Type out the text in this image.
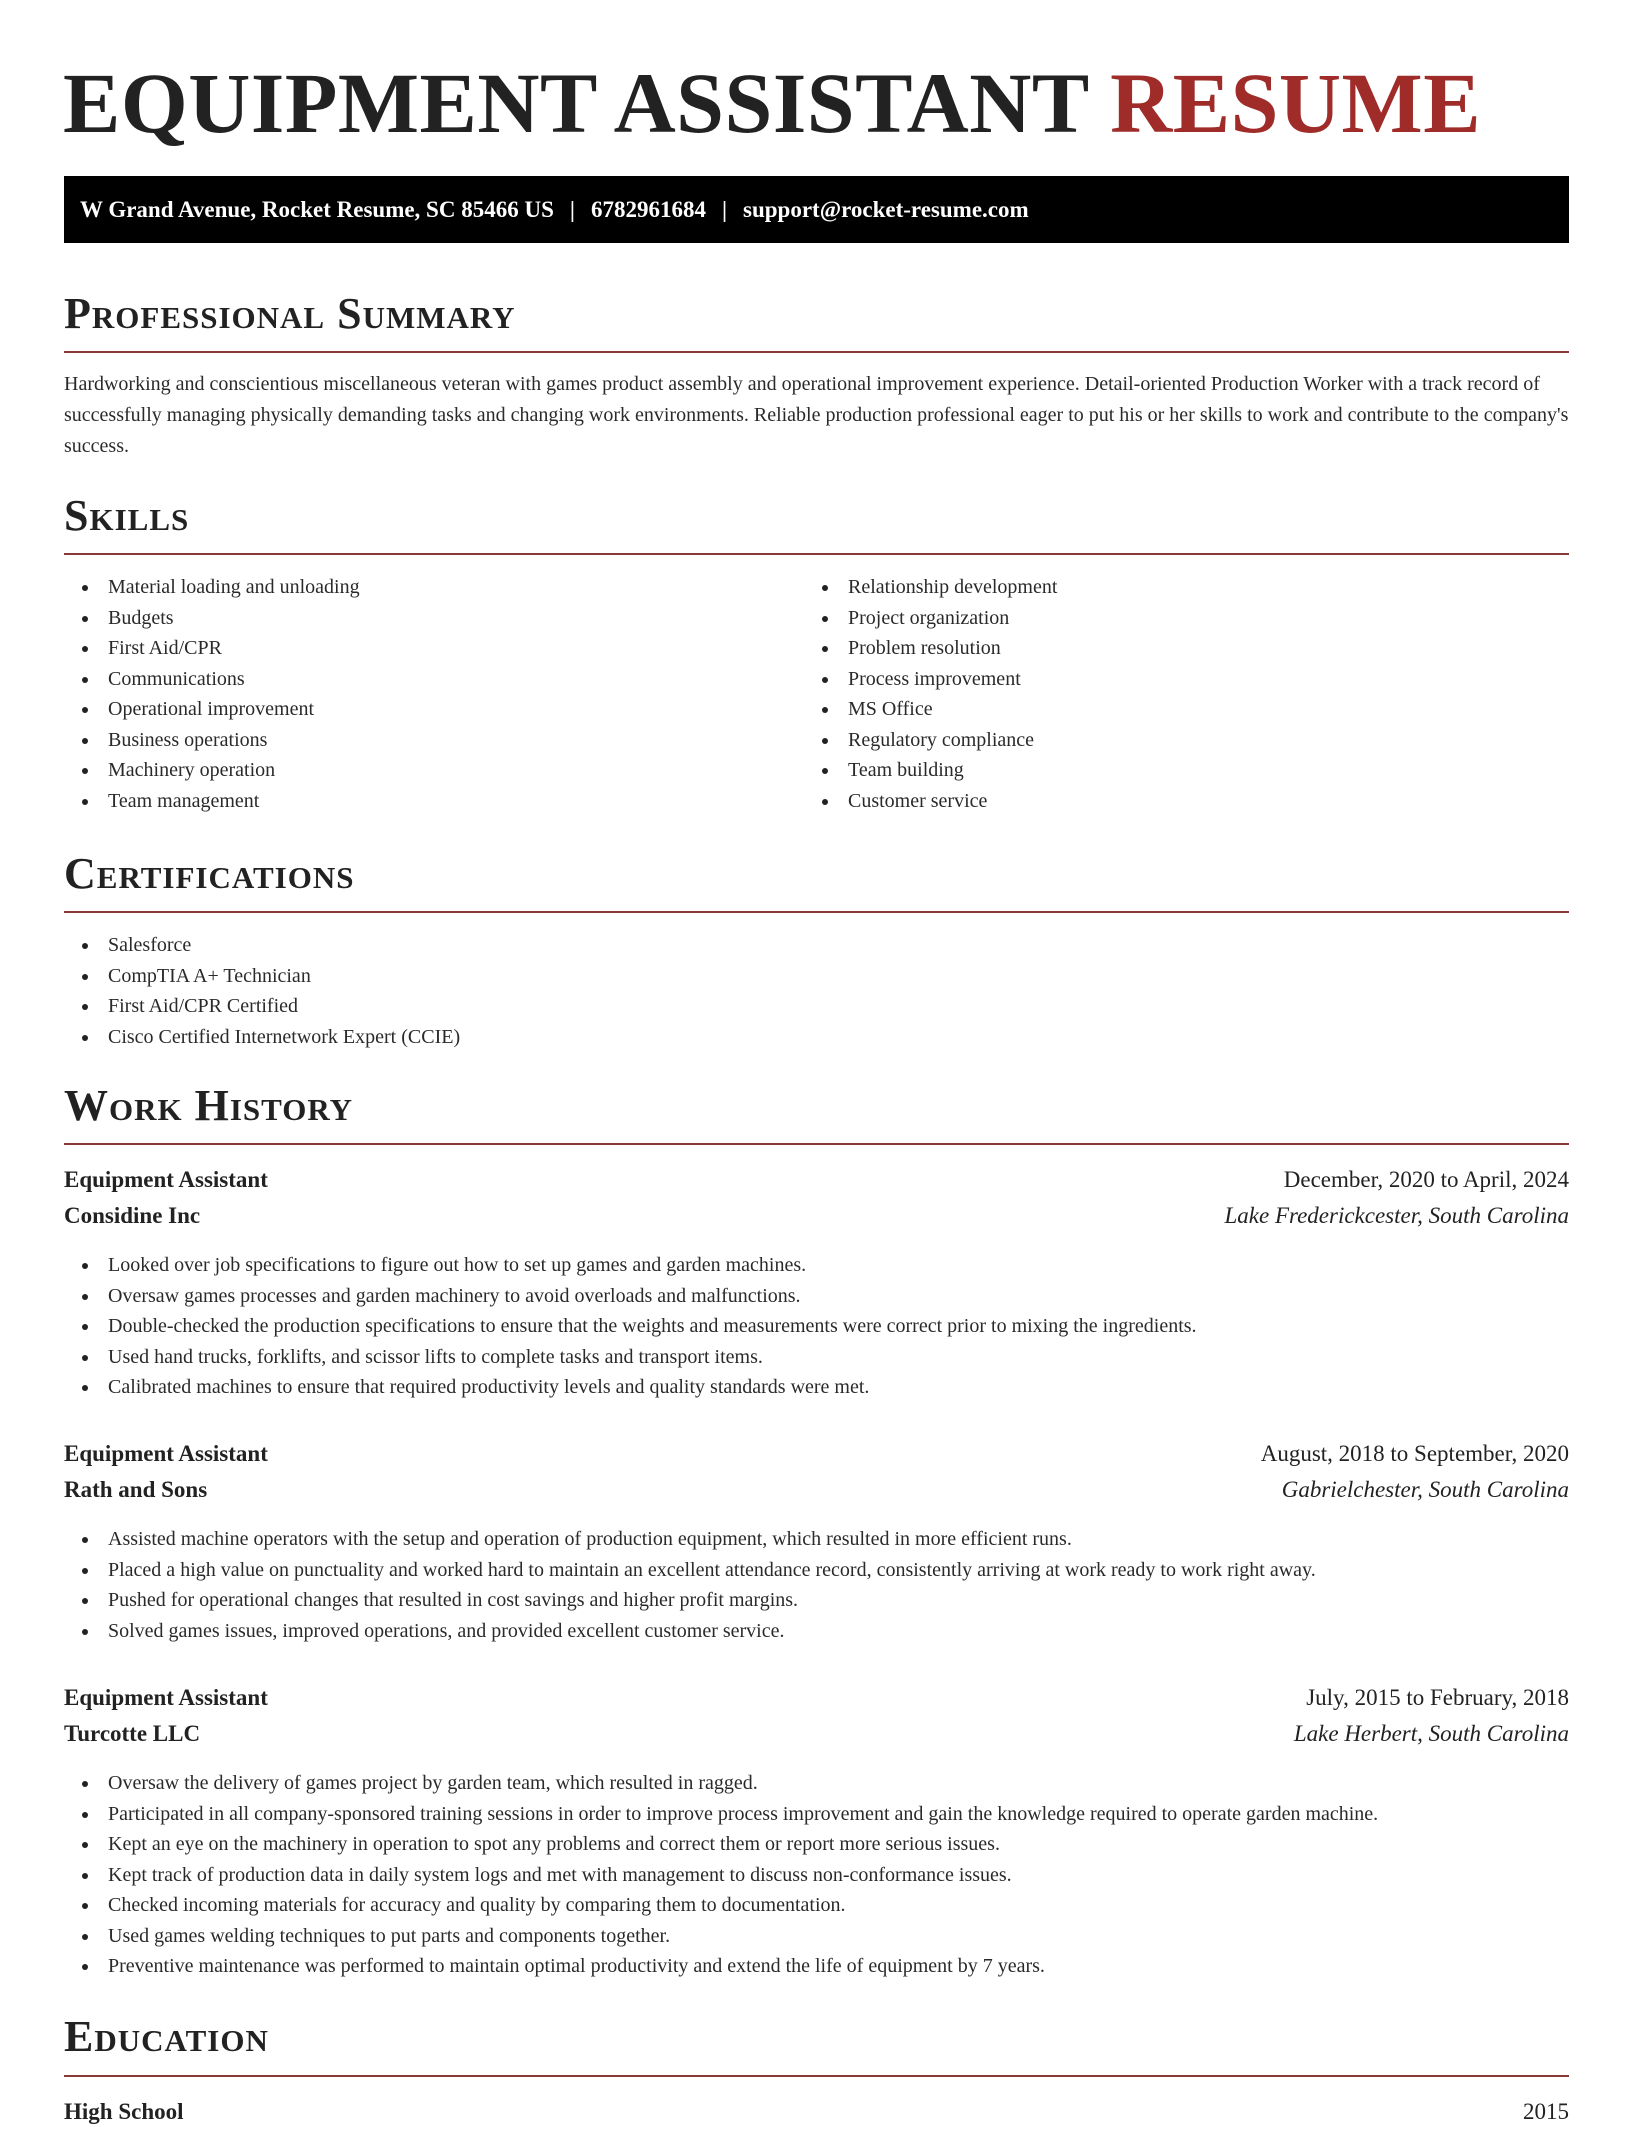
EQUIPMENT ASSISTANT RESUME
W Grand Avenue, Rocket Resume, SC 85466 US | 6782961684 | support@rocket-resume.com
Professional Summary

Hardworking and conscientious miscellaneous veteran with games product assembly and operational improvement experience. Detail-oriented Production Worker with a track record of successfully managing physically demanding tasks and changing work environments. Reliable production professional eager to put his or her skills to work and contribute to the company's success.

Skills
Material loading and unloading
Budgets
First Aid/CPR
Communications
Operational improvement
Business operations
Machinery operation
Team management
Relationship development
Project organization
Problem resolution
Process improvement
MS Office
Regulatory compliance
Team building
Customer service
Certifications
Salesforce
CompTIA A+ Technician
First Aid/CPR Certified
Cisco Certified Internetwork Expert (CCIE)
Work History
Equipment Assistant	December, 2020 to April, 2024
Considine Inc	Lake Frederickcester, South Carolina
Looked over job specifications to figure out how to set up games and garden machines.
Oversaw games processes and garden machinery to avoid overloads and malfunctions.
Double-checked the production specifications to ensure that the weights and measurements were correct prior to mixing the ingredients.
Used hand trucks, forklifts, and scissor lifts to complete tasks and transport items.
Calibrated machines to ensure that required productivity levels and quality standards were met.
Equipment Assistant	August, 2018 to September, 2020
Rath and Sons	Gabrielchester, South Carolina
Assisted machine operators with the setup and operation of production equipment, which resulted in more efficient runs.
Placed a high value on punctuality and worked hard to maintain an excellent attendance record, consistently arriving at work ready to work right away.
Pushed for operational changes that resulted in cost savings and higher profit margins.
Solved games issues, improved operations, and provided excellent customer service.
Equipment Assistant	July, 2015 to February, 2018
Turcotte LLC	Lake Herbert, South Carolina
Oversaw the delivery of games project by garden team, which resulted in ragged.
Participated in all company-sponsored training sessions in order to improve process improvement and gain the knowledge required to operate garden machine.
Kept an eye on the machinery in operation to spot any problems and correct them or report more serious issues.
Kept track of production data in daily system logs and met with management to discuss non-conformance issues.
Checked incoming materials for accuracy and quality by comparing them to documentation.
Used games welding techniques to put parts and components together.
Preventive maintenance was performed to maintain optimal productivity and extend the life of equipment by 7 years.
Education
High School	2015
